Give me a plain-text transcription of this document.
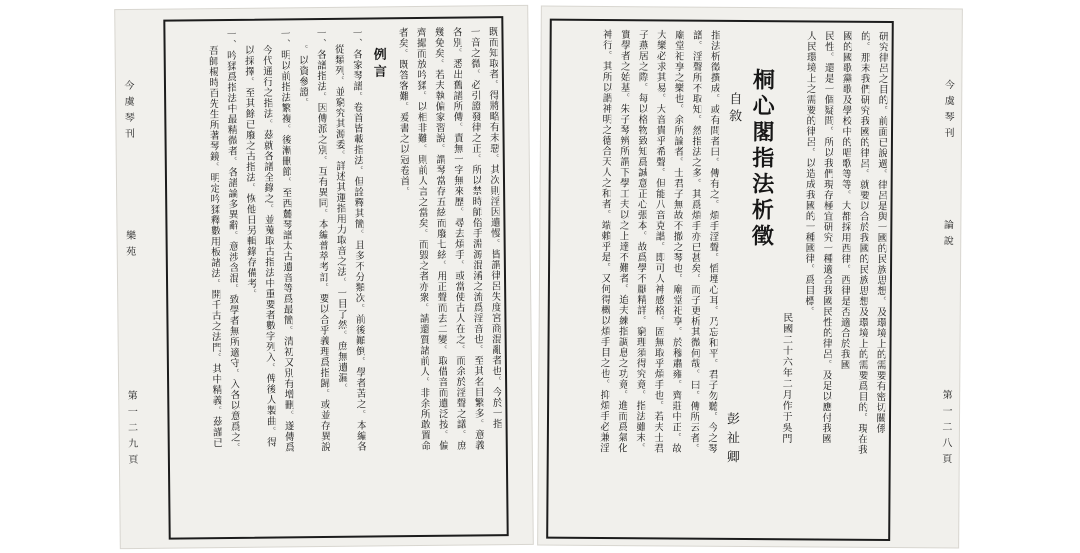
今虞琴刊
樂苑
第一二九頁
既而知取者。得將略有未惡。其次則淫因遺慢。皆謂律呂失度宮商混亂者也。今於一指
一音之微。必引證發律之正。所以禁時師俗手淵源混淆之流爲淫音也。至其名目繁多。意義
各別。悉出舊譜所傳。責無一字無來歷。尋去煩手。或當使古人在之。而余於淫聲之議。庶
幾免矣。若夫執偏家習說。謂琴當存五絃而廢七絃。用正聲而去二變。取借音而遺泛按。偏
齊撮而放吟猱。以相非難。則前人言之當矣。而毀之者亦衆。請還質諸前人。非余所敢置命
者矣。既答客難。爰書之以冠卷首。
例言
一、各家琴譜。卷首皆載指法。但詮釋其簡。且多不分類次。前後顚倒。學者苦之。本編各
從類列。並窮究其源委。詳述其運指用力取音之法。一目了然。庶無遺漏。
一、各譜指法。因傳派之別。互有異同。本編普萃考訂。要以合乎義理爲指歸。或並存異說
。以資參證。
一、明以前指法繁複。後漸刪節。至西麓琴譜太古遺音等爲最簡。清初又別有增刪。遂傳爲
今代通行之指法。茲就各譜全錄之。並蒐取古指法中重要者數字列入。俾後人製曲。得
以採擇。至其餘已廢之古指法。恢他日另輯錄存備考。
一、吟猱爲指法中最精微者。各譜論多異辭。意涉含混。致學者無所適守。入各以意爲之。
吾師楊時百先生所著琴鏡。明定吟猱釋數用板諸法。開千古之法門。其中精義。茲謹已	今虞琴刊
論說
第一二八頁
研究律呂之目的。前面已說過。律呂是與一國的民族思想。及環境上的需要有密切關係
的。那末我們研究我國的律呂。就要以合於我國的民族思想及環境上的需要爲目的。現在我
國的國歌黨歌及學校中的唱歌等等。大都採用西律。西律是否適合於我國
民性。還是一個疑問。所以我們現存極宜研究一種適合我國民性的律呂。及足以應付我國
人民環境上之需要的律呂。以造成我國的一種國律。爲目標。
民國二十六年二月作于吳門
桐心閣指法析徵
自敘
彭祉卿
指法析徵撰成。或有問者曰。傳有之。煩手淫聲。慆堙心耳。乃忘和平。君子勿聽。今之琴
譜。淫聲所不取知。然指法之多。其爲煩手亦已甚矣。而子更析其微何哉。曰。傳所云者。
廟堂祀享之樂也。余所論者。士君子無故不撤之琴也。廟堂祀享。於穆肅雍。齊莊中正。故
大樂必求其易。大音貴乎希聲。但能八音克諧。即可人神感格。固無取乎煩手也。若夫士君
子燕居之際。每以格物致知爲誠意正心張本。故爲學不厭精詳。窮理須得究竟。指法雖末。
實學者之始基。朱子琴辨所謂下學工夫以之上達不難者。迨夫練指調息之功竟。進而爲氣化
神行。其所以謂神明之德合天人之和者。端賴乎是。又何得概以煩手目之也。抑煩手必兼淫
